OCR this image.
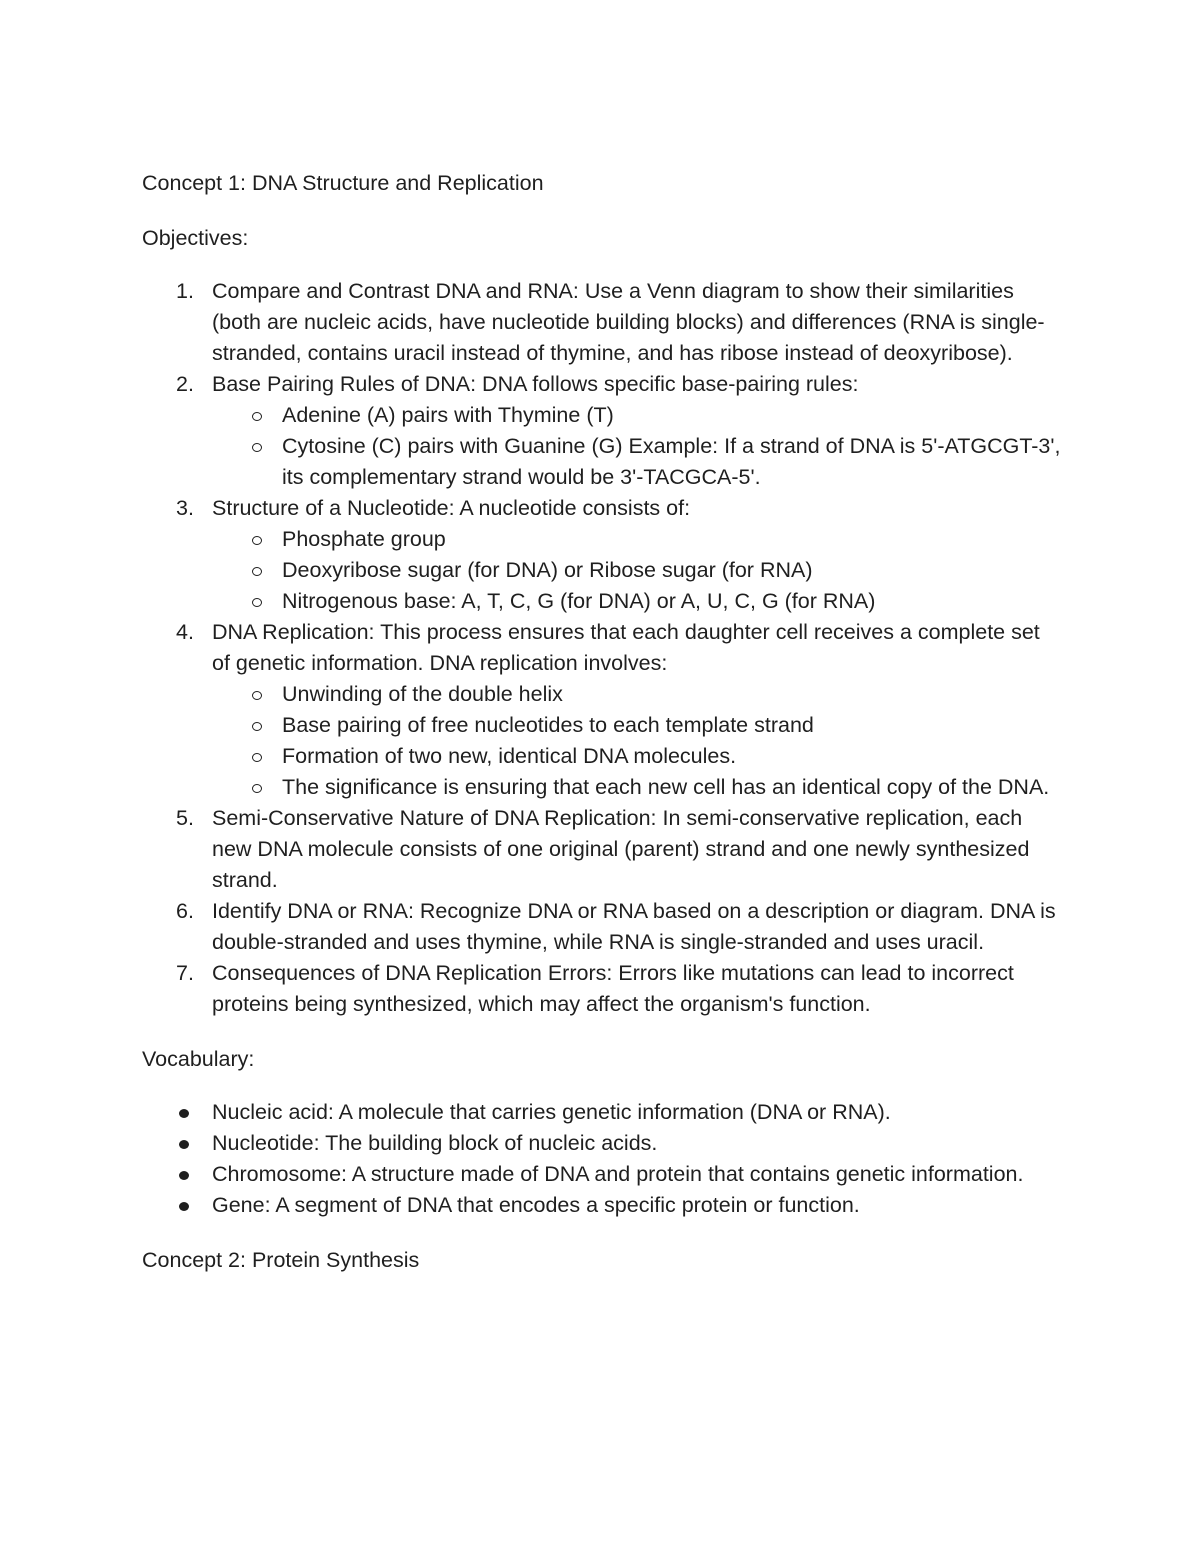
Concept 1: DNA Structure and Replication
Objectives:
1. Compare and Contrast DNA and RNA: Use a Venn diagram to show their similarities (both are nucleic acids, have nucleotide building blocks) and differences (RNA is single-stranded, contains uracil instead of thymine, and has ribose instead of deoxyribose).
2. Base Pairing Rules of DNA: DNA follows specific base-pairing rules:
Adenine (A) pairs with Thymine (T)
Cytosine (C) pairs with Guanine (G) Example: If a strand of DNA is 5'-ATGCGT-3', its complementary strand would be 3'-TACGCA-5'.
3. Structure of a Nucleotide: A nucleotide consists of:
Phosphate group
Deoxyribose sugar (for DNA) or Ribose sugar (for RNA)
Nitrogenous base: A, T, C, G (for DNA) or A, U, C, G (for RNA)
4. DNA Replication: This process ensures that each daughter cell receives a complete set of genetic information. DNA replication involves:
Unwinding of the double helix
Base pairing of free nucleotides to each template strand
Formation of two new, identical DNA molecules.
The significance is ensuring that each new cell has an identical copy of the DNA.
5. Semi-Conservative Nature of DNA Replication: In semi-conservative replication, each new DNA molecule consists of one original (parent) strand and one newly synthesized strand.
6. Identify DNA or RNA: Recognize DNA or RNA based on a description or diagram. DNA is double-stranded and uses thymine, while RNA is single-stranded and uses uracil.
7. Consequences of DNA Replication Errors: Errors like mutations can lead to incorrect proteins being synthesized, which may affect the organism's function.
Vocabulary:
Nucleic acid: A molecule that carries genetic information (DNA or RNA).
Nucleotide: The building block of nucleic acids.
Chromosome: A structure made of DNA and protein that contains genetic information.
Gene: A segment of DNA that encodes a specific protein or function.
Concept 2: Protein Synthesis
